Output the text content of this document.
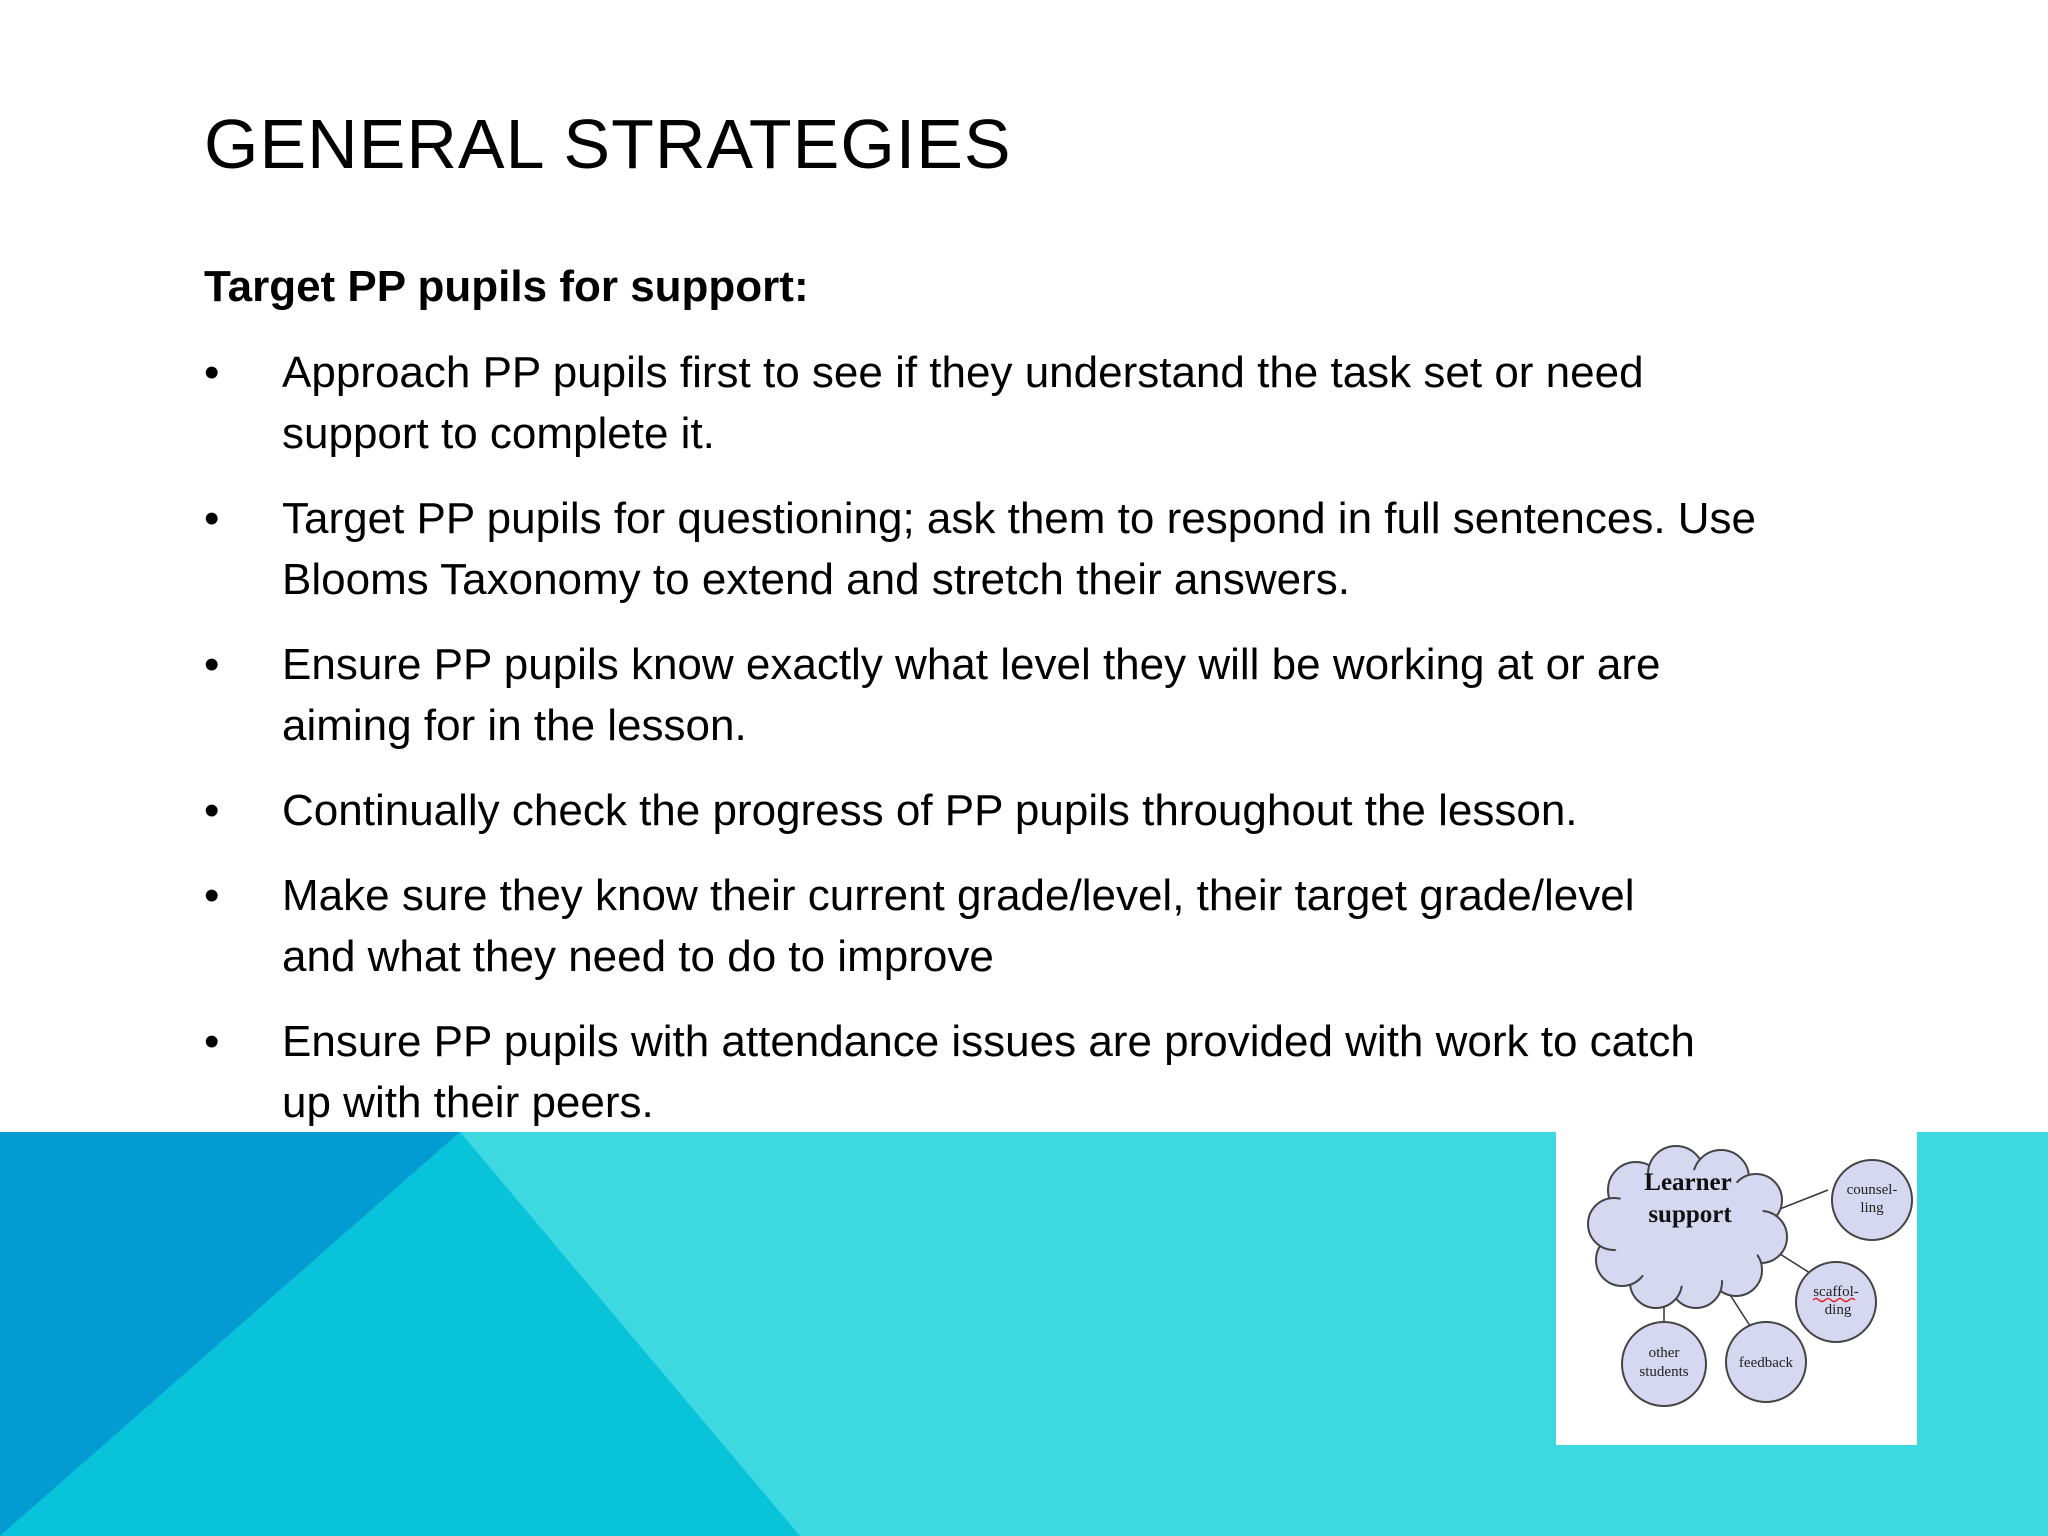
GENERAL STRATEGIES

Target PP pupils for support:

•	Approach PP pupils first to see if they understand the task set or need
support to complete it.
•	Target PP pupils for questioning; ask them to respond in full sentences. Use
Blooms Taxonomy to extend and stretch their answers.
•	Ensure PP pupils know exactly what level they will be working at or are
aiming for in the lesson.
•	Continually check the progress of PP pupils throughout the lesson.
•	Make sure they know their current grade/level, their target grade/level
and what they need to do to improve
•	Ensure PP pupils with attendance issues are provided with work to catch
up with their peers.
Learner
support
counsel-
ling
scaffol-
ding
feedback
other
students
